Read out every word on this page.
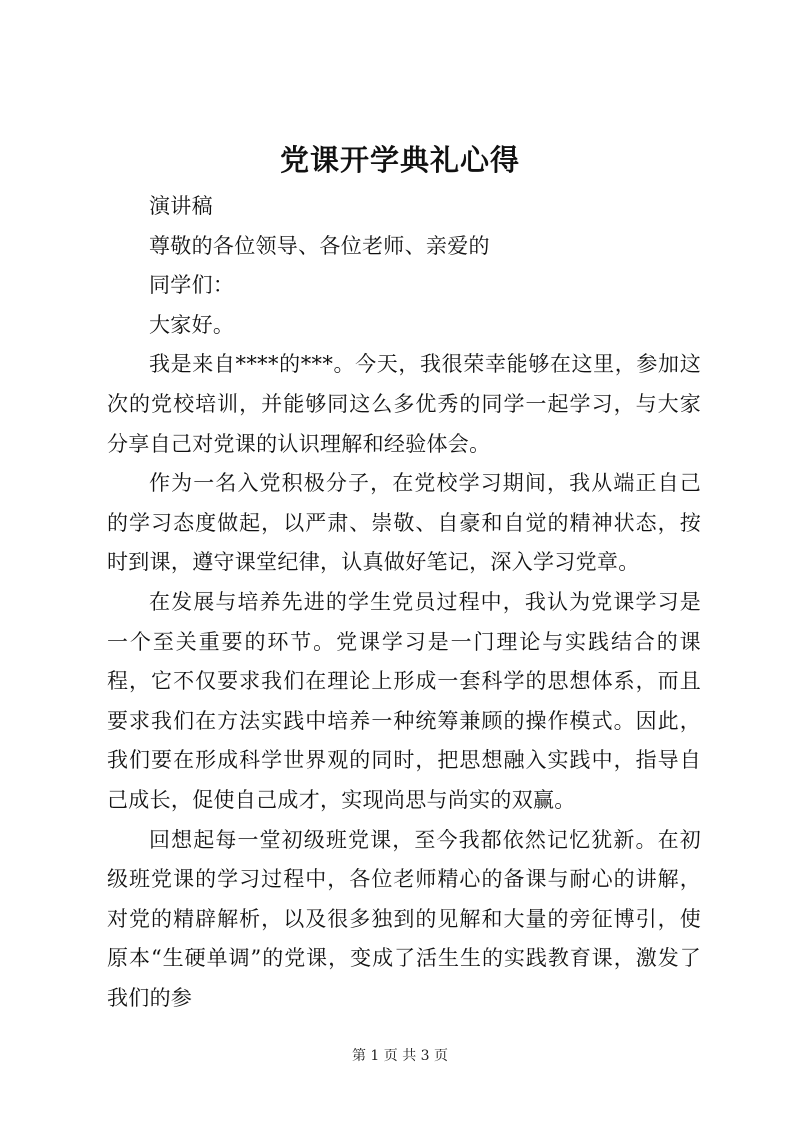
党课开学典礼心得

演讲稿

尊敬的各位领导、各位老师、亲爱的

同学们：

大家好。

我是来自****的***。今天，我很荣幸能够在这里，参加这次的党校培训，并能够同这么多优秀的同学一起学习，与大家分享自己对党课的认识理解和经验体会。

作为一名入党积极分子，在党校学习期间，我从端正自己的学习态度做起，以严肃、崇敬、自豪和自觉的精神状态，按时到课，遵守课堂纪律，认真做好笔记，深入学习党章。

在发展与培养先进的学生党员过程中，我认为党课学习是一个至关重要的环节。党课学习是一门理论与实践结合的课程，它不仅要求我们在理论上形成一套科学的思想体系，而且要求我们在方法实践中培养一种统筹兼顾的操作模式。因此，我们要在形成科学世界观的同时，把思想融入实践中，指导自己成长，促使自己成才，实现尚思与尚实的双赢。

回想起每一堂初级班党课，至今我都依然记忆犹新。在初级班党课的学习过程中，各位老师精心的备课与耐心的讲解，对党的精辟解析，以及很多独到的见解和大量的旁征博引，使原本“生硬单调”的党课，变成了活生生的实践教育课，激发了我们的参

第 1 页 共 3 页
